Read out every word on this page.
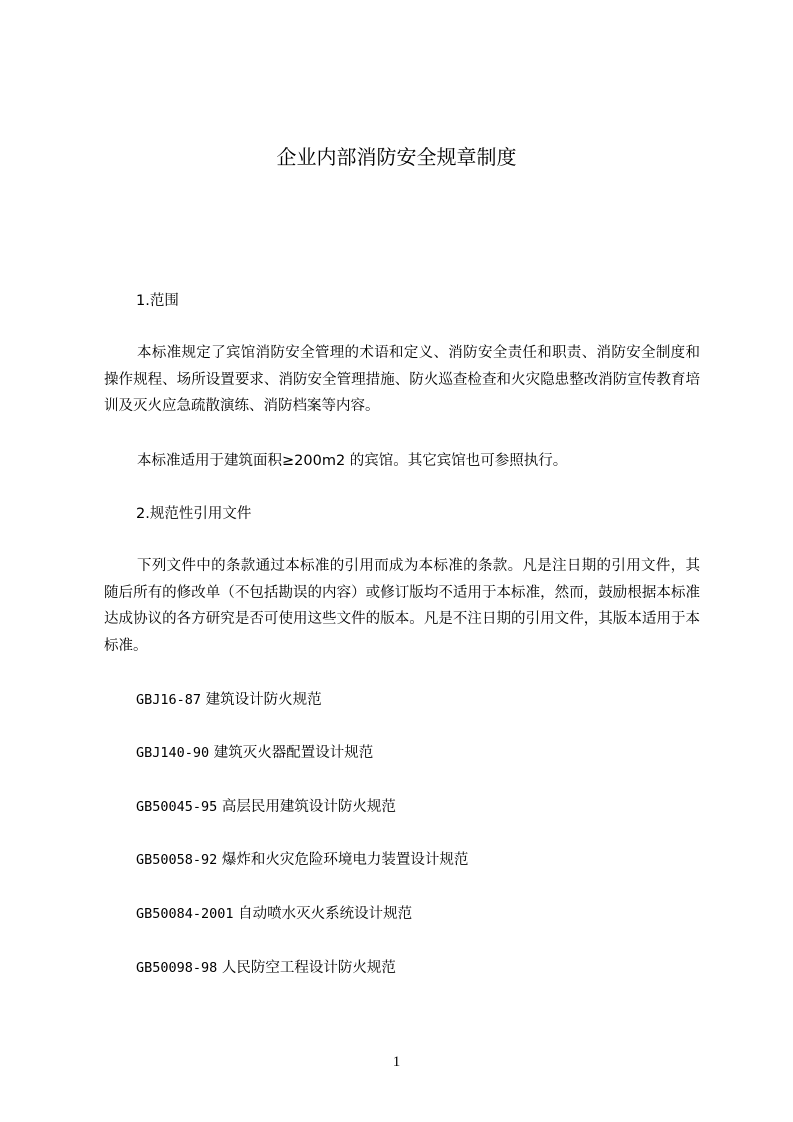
企业内部消防安全规章制度

1.范围

本标准规定了宾馆消防安全管理的术语和定义、消防安全责任和职责、消防安全制度和操作规程、场所设置要求、消防安全管理措施、防火巡查检查和火灾隐患整改消防宣传教育培训及灭火应急疏散演练、消防档案等内容。

本标准适用于建筑面积≥200m2 的宾馆。其它宾馆也可参照执行。

2.规范性引用文件

下列文件中的条款通过本标准的引用而成为本标准的条款。凡是注日期的引用文件，其随后所有的修改单（不包括勘误的内容）或修订版均不适用于本标准，然而，鼓励根据本标准达成协议的各方研究是否可使用这些文件的版本。凡是不注日期的引用文件，其版本适用于本标准。

GBJ16-87 建筑设计防火规范

GBJ140-90 建筑灭火器配置设计规范

GB50045-95 高层民用建筑设计防火规范

GB50058-92 爆炸和火灾危险环境电力装置设计规范

GB50084-2001 自动喷水灭火系统设计规范

GB50098-98 人民防空工程设计防火规范

1
